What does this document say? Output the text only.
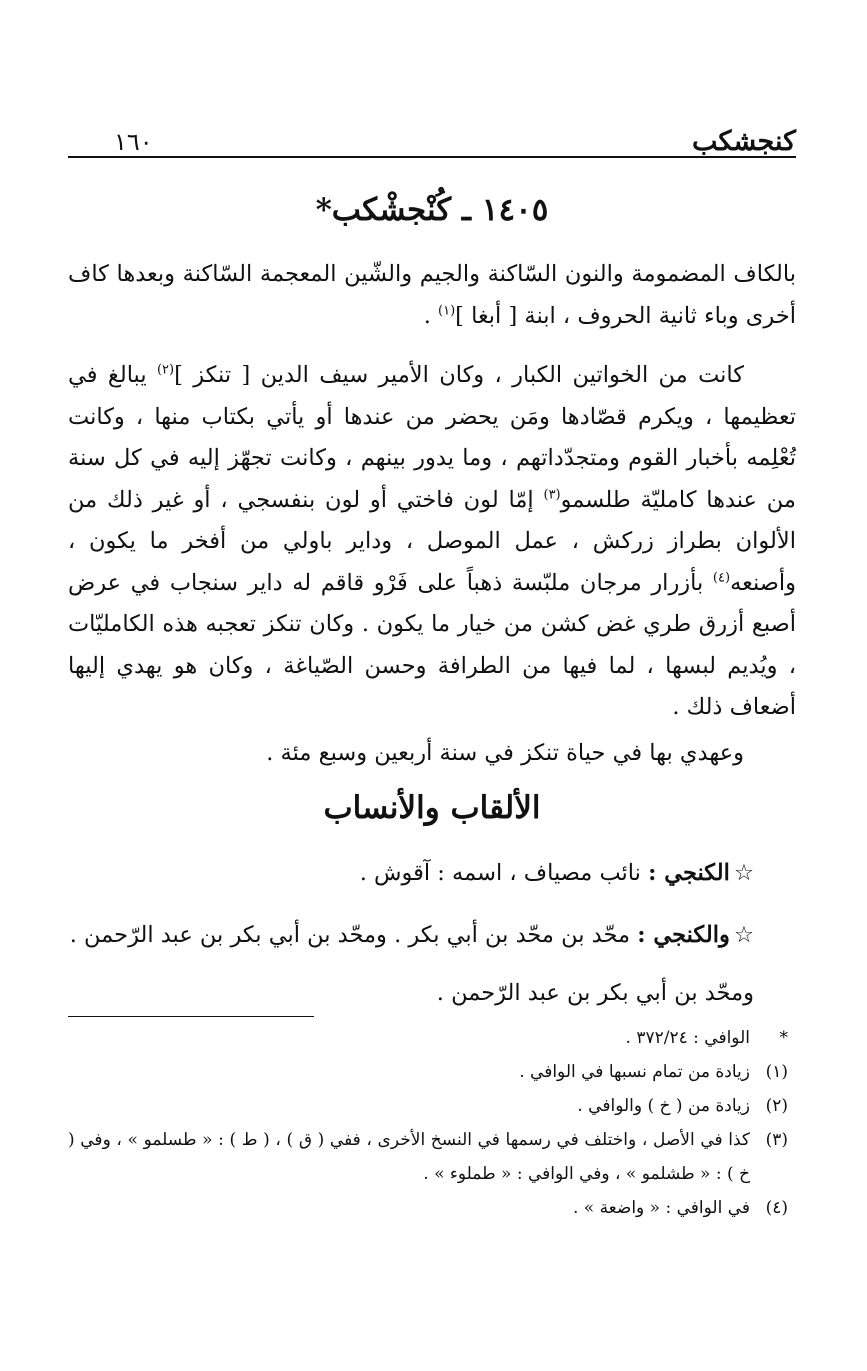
كنجشكب
١٦٠
١٤٠٥ ـ كُنْجشْكب*
بالكاف المضمومة والنون السّاكنة والجيم والشّين المعجمة السّاكنة وبعدها كاف أخرى وباء ثانية الحروف ، ابنة [ أبغا ]$^{(١)}$ .
كانت من الخواتين الكبار ، وكان الأمير سيف الدين [ تنكز ]$^{(٢)}$ يبالغ في تعظيمها ، ويكرم قصّادها ومَن يحضر من عندها أو يأتي بكتاب منها ، وكانت تُعْلِمه بأخبار القوم ومتجدّداتهم ، وما يدور بينهم ، وكانت تجهّز إليه في كل سنة من عندها كامليّة طلسمو$^{(٣)}$ إمّا لون فاختي أو لون بنفسجي ، أو غير ذلك من الألوان بطراز زركش ، عمل الموصل ، وداير باولي من أفخر ما يكون ، وأصنعه$^{(٤)}$ بأزرار مرجان ملبّسة ذهباً على فَرْو قاقم له داير سنجاب في عرض أصبع أزرق طري غض كشن من خيار ما يكون . وكان تنكز تعجبه هذه الكامليّات ، ويُديم لبسها ، لما فيها من الطرافة وحسن الصّياغة ، وكان هو يهدي إليها أضعاف ذلك .
وعهدي بها في حياة تنكز في سنة أربعين وسبع مئة .
الألقاب والأنساب
☆الكنجي : نائب مصياف ، اسمه : آقوش .
☆والكنجي : محّد بن محّد بن أبي بكر . ومحّد بن أبي بكر بن عبد الرّحمن .
ومحّد بن أبي بكر بن عبد الرّحمن .
*
الوافي : ٣٧٢/٢٤ .
(١)
زيادة من تمام نسبها في الوافي .
(٢)
زيادة من ( خ ) والوافي .
(٣)
كذا في الأصل ، واختلف في رسمها في النسخ الأخرى ، ففي ( ق ) ، ( ط ) : « طسلمو » ، وفي ( خ ) : « طشلمو » ، وفي الوافي : « طملوء » .
(٤)
في الوافي : « واضعة » .
